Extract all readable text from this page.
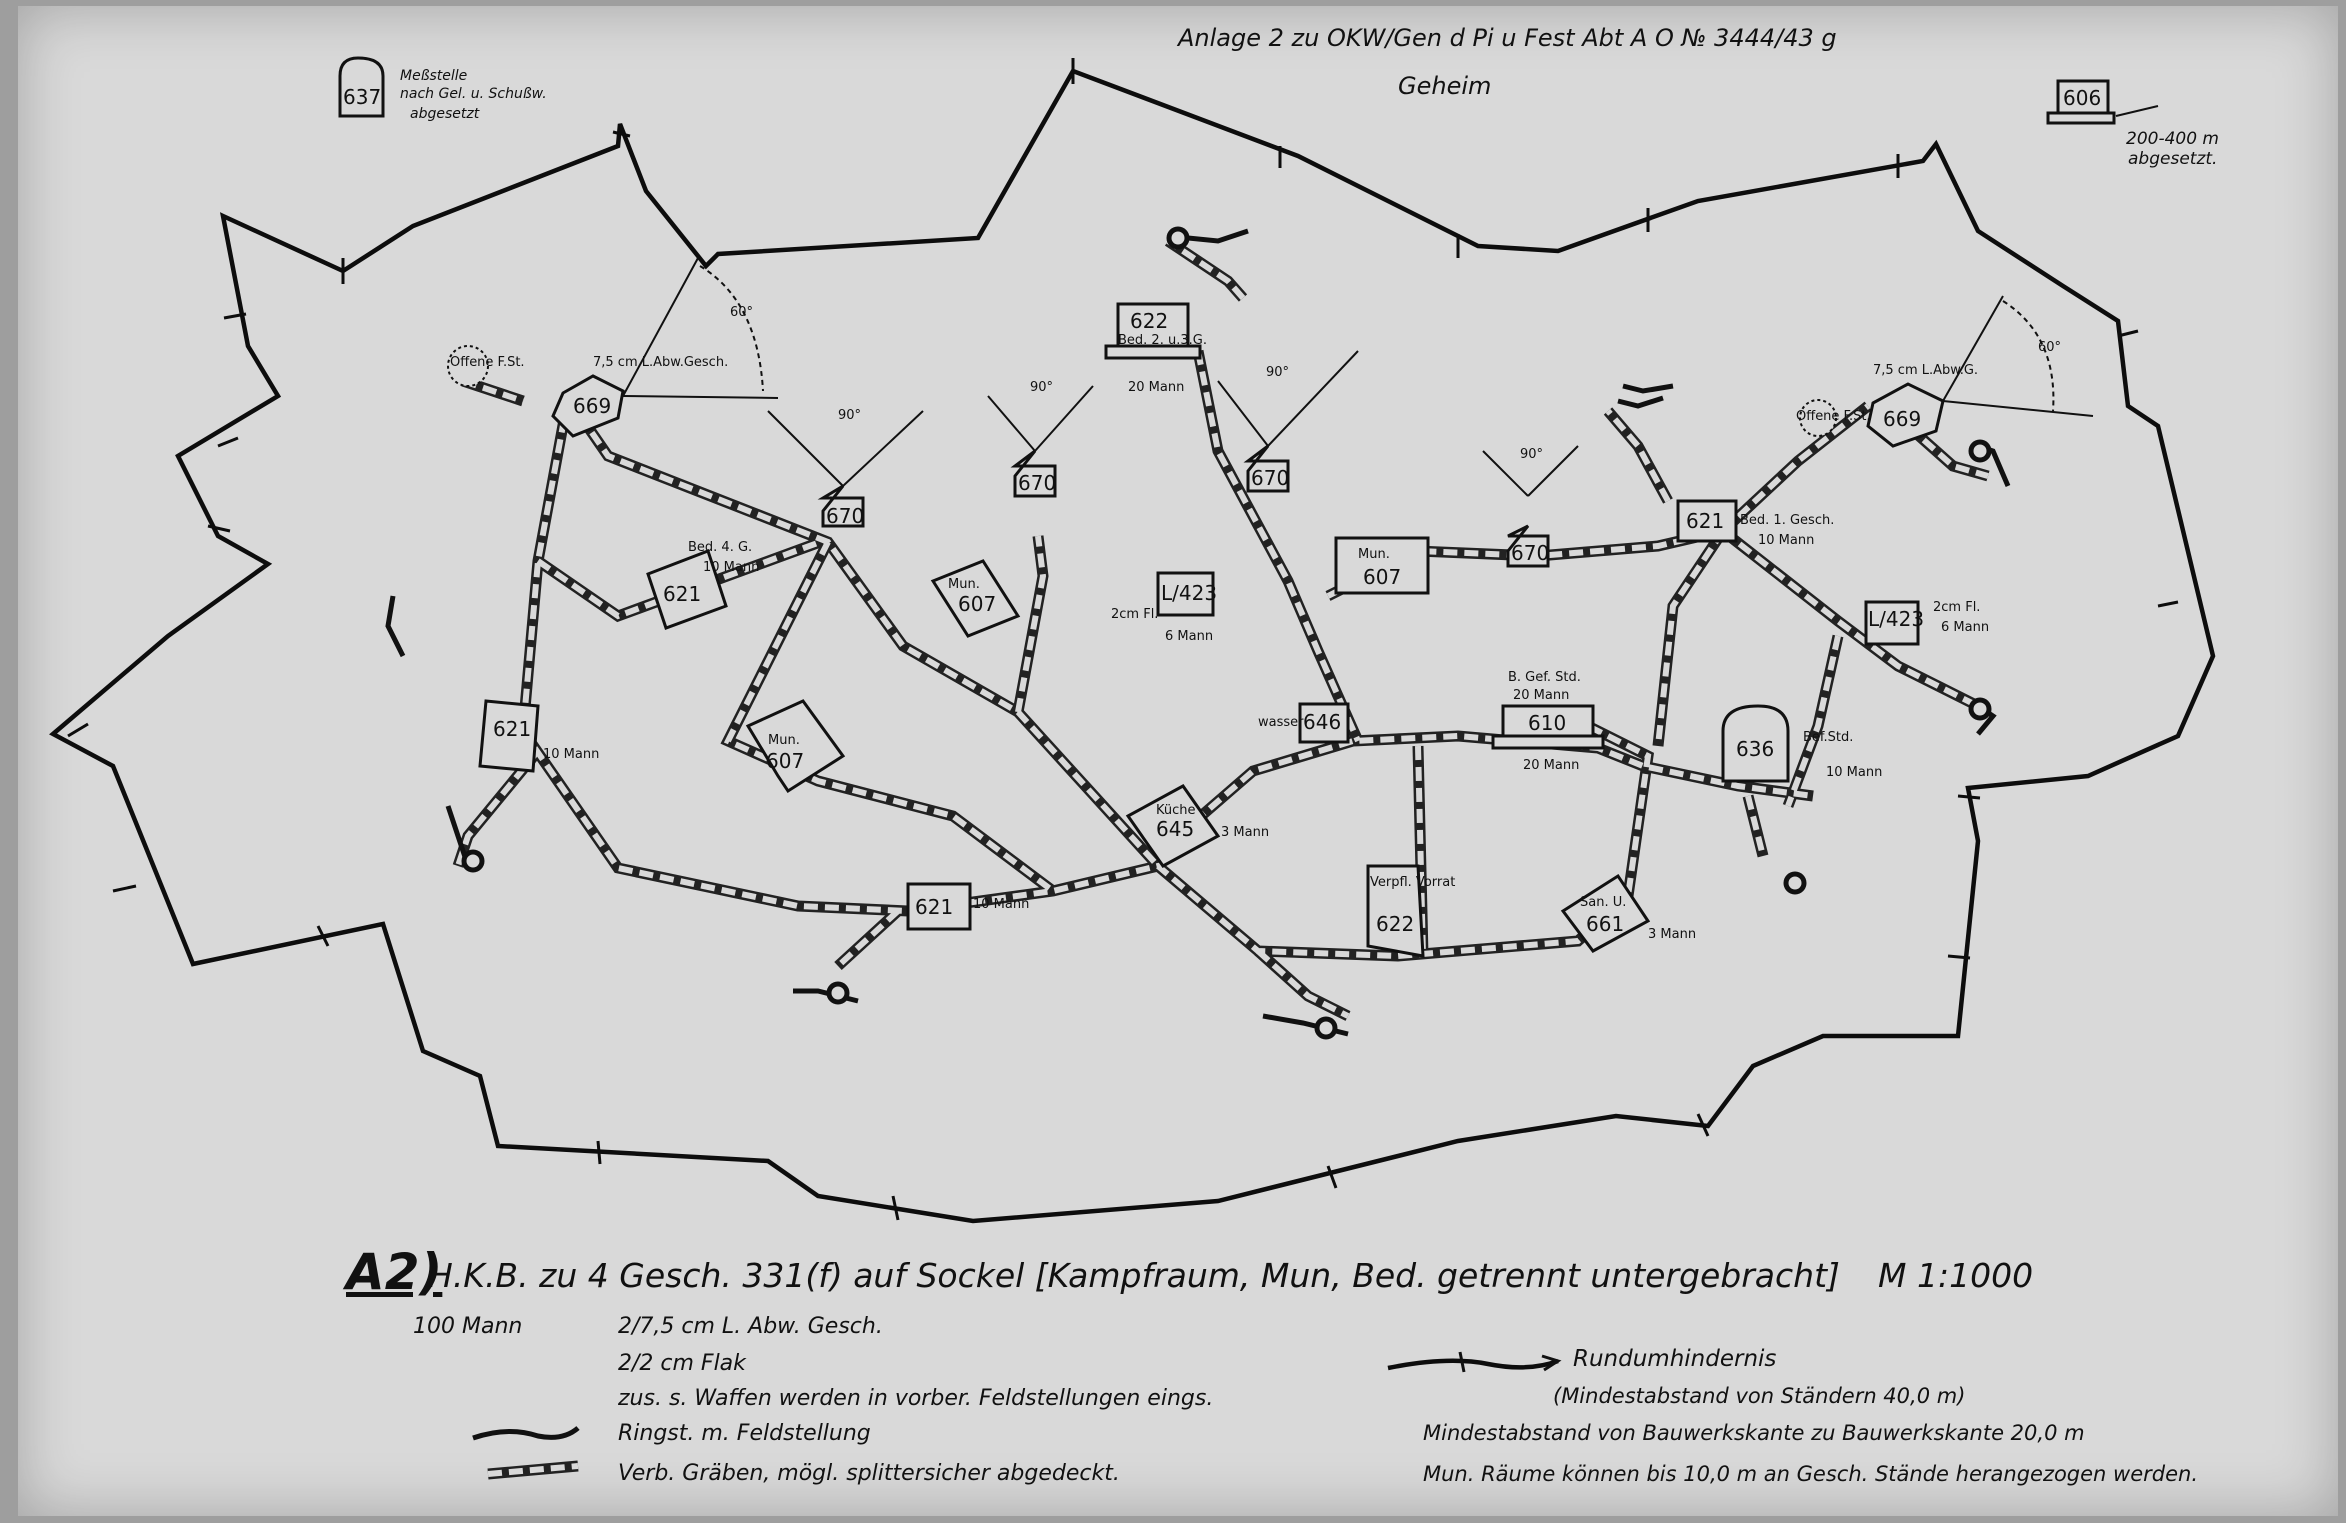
669
7,5 cm L.Abw.Gesch.
60°
Offene F.St.
670
90°
670
90°
670
90°
670
90°
622
Bed. 2. u.3.G.
20 Mann
621
10 Mann
621
Bed. 4. G.
10 Mann
621 10 Mann
621 Bed. 1. Gesch.
10 Mann
Mun.
607
Mun.
607
Mun.
607
L/423
2cm Fl.
6 Mann
L/423 2cm Fl.
6 Mann
646
wasser	610
B. Gef. Std.
20 Mann
20 Mann
636 Bef.Std.
10 Mann
Küche
645 3 Mann
Verpfl. Vorrat
622
San. U.
661 3 Mann
669
7,5 cm L.Abw.G.
60°
Offene F.St.
637
Meßstelle
nach Gel. u. Schußw.
abgesetzt
606
200-400 m
abgesetzt.
Anlage 2 zu OKW/Gen d Pi u Fest Abt A O № 3444/43 g
Geheim
A2)
H.K.B. zu 4 Gesch. 331(f) auf Sockel [Kampfraum, Mun, Bed. getrennt untergebracht] M 1:1000
100 Mann	2/7,5 cm L. Abw. Gesch.
2/2 cm Flak
zus. s. Waffen werden in vorber. Feldstellungen eings.
Ringst. m. Feldstellung
Verb. Gräben, mögl. splittersicher abgedeckt.
Rundumhindernis
(Mindestabstand von Ständern 40,0 m)
Mindestabstand von Bauwerkskante zu Bauwerkskante 20,0 m
Mun. Räume können bis 10,0 m an Gesch. Stände herangezogen werden.
